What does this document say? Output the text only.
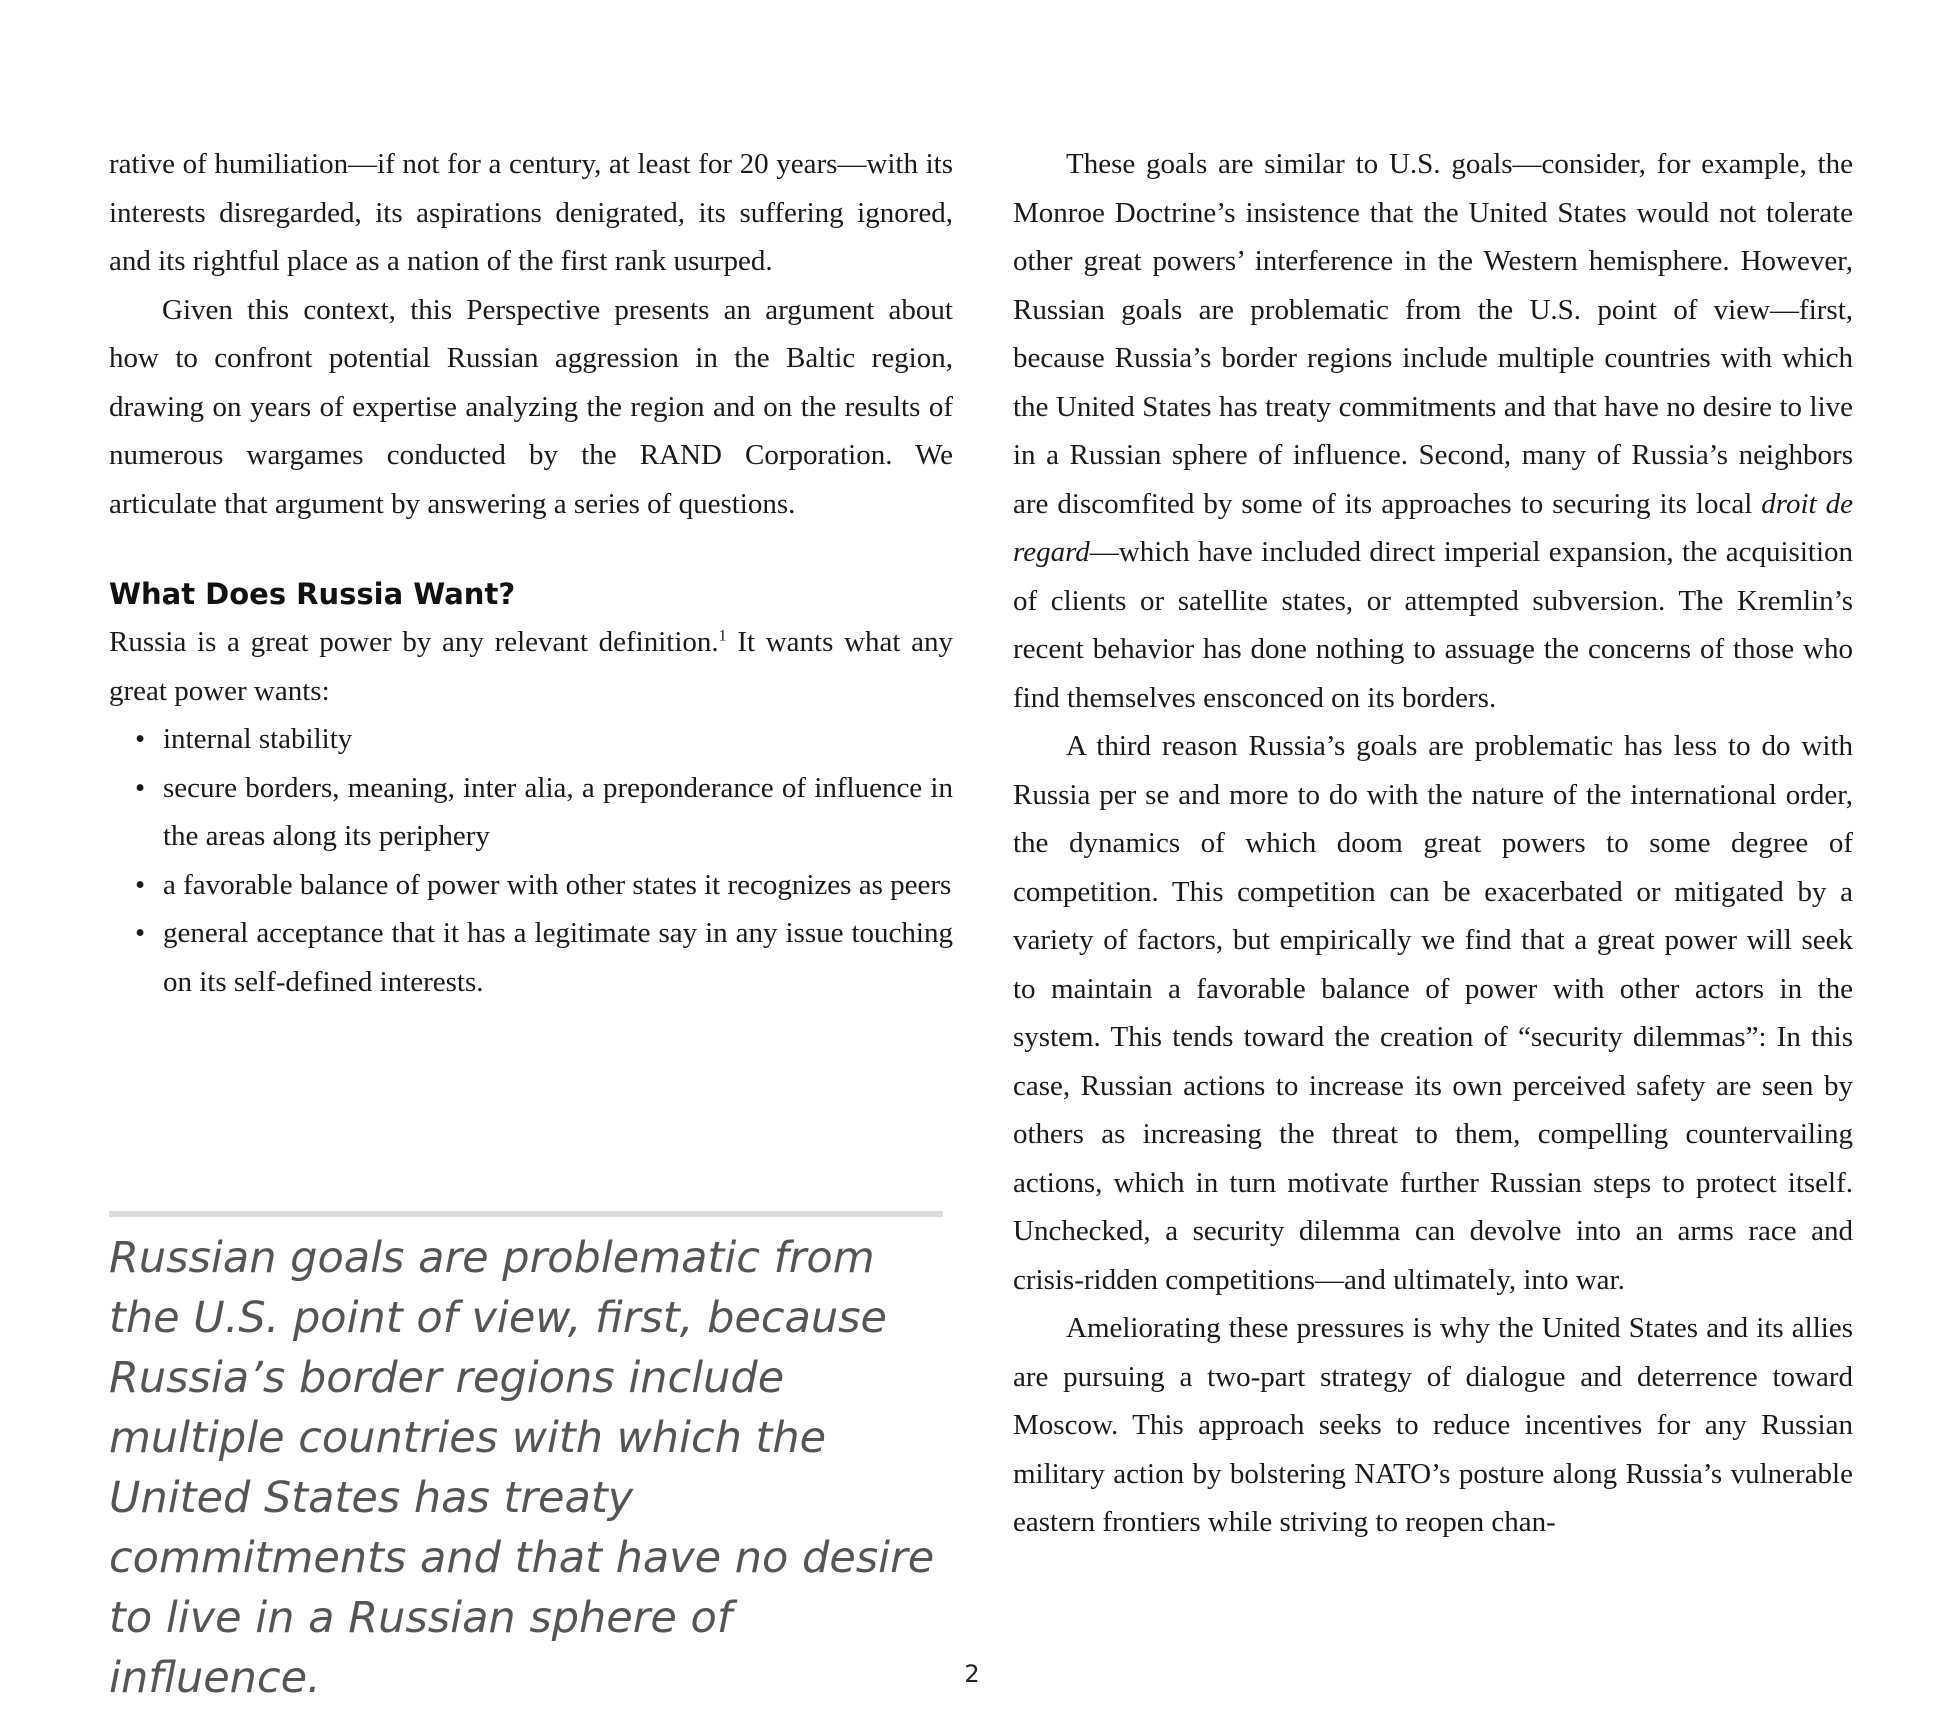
rative of humiliation—if not for a century, at least for 20 years—with its interests disregarded, its aspirations denigrated, its suffering ignored, and its rightful place as a nation of the first rank usurped.

Given this context, this Perspective presents an argument about how to confront potential Russian aggression in the Baltic region, drawing on years of expertise analyzing the region and on the results of numerous wargames conducted by the RAND Corporation. We articulate that argument by answering a series of questions.

What Does Russia Want?

Russia is a great power by any relevant definition.$^1$ It wants what any great power wants:

• internal stability
• secure borders, meaning, inter alia, a preponderance of influence in the areas along its periphery
• a favorable balance of power with other states it recognizes as peers
• general acceptance that it has a legitimate say in any issue touching on its self-defined interests.

Russian goals are problematic from the U.S. point of view, first, because Russia’s border regions include multiple countries with which the United States has treaty commitments and that have no desire to live in a Russian sphere of influence.

These goals are similar to U.S. goals—consider, for example, the Monroe Doctrine’s insistence that the United States would not tolerate other great powers’ interference in the Western hemisphere. However, Russian goals are problematic from the U.S. point of view—first, because Russia’s border regions include multiple countries with which the United States has treaty commitments and that have no desire to live in a Russian sphere of influence. Second, many of Russia’s neighbors are discomfited by some of its approaches to securing its local droit de regard—which have included direct imperial expansion, the acquisition of clients or satellite states, or attempted subversion. The Kremlin’s recent behavior has done nothing to assuage the concerns of those who find themselves ensconced on its borders.

A third reason Russia’s goals are problematic has less to do with Russia per se and more to do with the nature of the international order, the dynamics of which doom great powers to some degree of competition. This competition can be exacerbated or mitigated by a variety of factors, but empirically we find that a great power will seek to maintain a favorable balance of power with other actors in the system. This tends toward the creation of “security dilemmas”: In this case, Russian actions to increase its own perceived safety are seen by others as increasing the threat to them, compelling countervailing actions, which in turn motivate further Russian steps to protect itself. Unchecked, a security dilemma can devolve into an arms race and crisis-ridden competitions—and ultimately, into war.

Ameliorating these pressures is why the United States and its allies are pursuing a two-part strategy of dialogue and deterrence toward Moscow. This approach seeks to reduce incentives for any Russian military action by bolstering NATO’s posture along Russia’s vulnerable eastern frontiers while striving to reopen chan-

2
